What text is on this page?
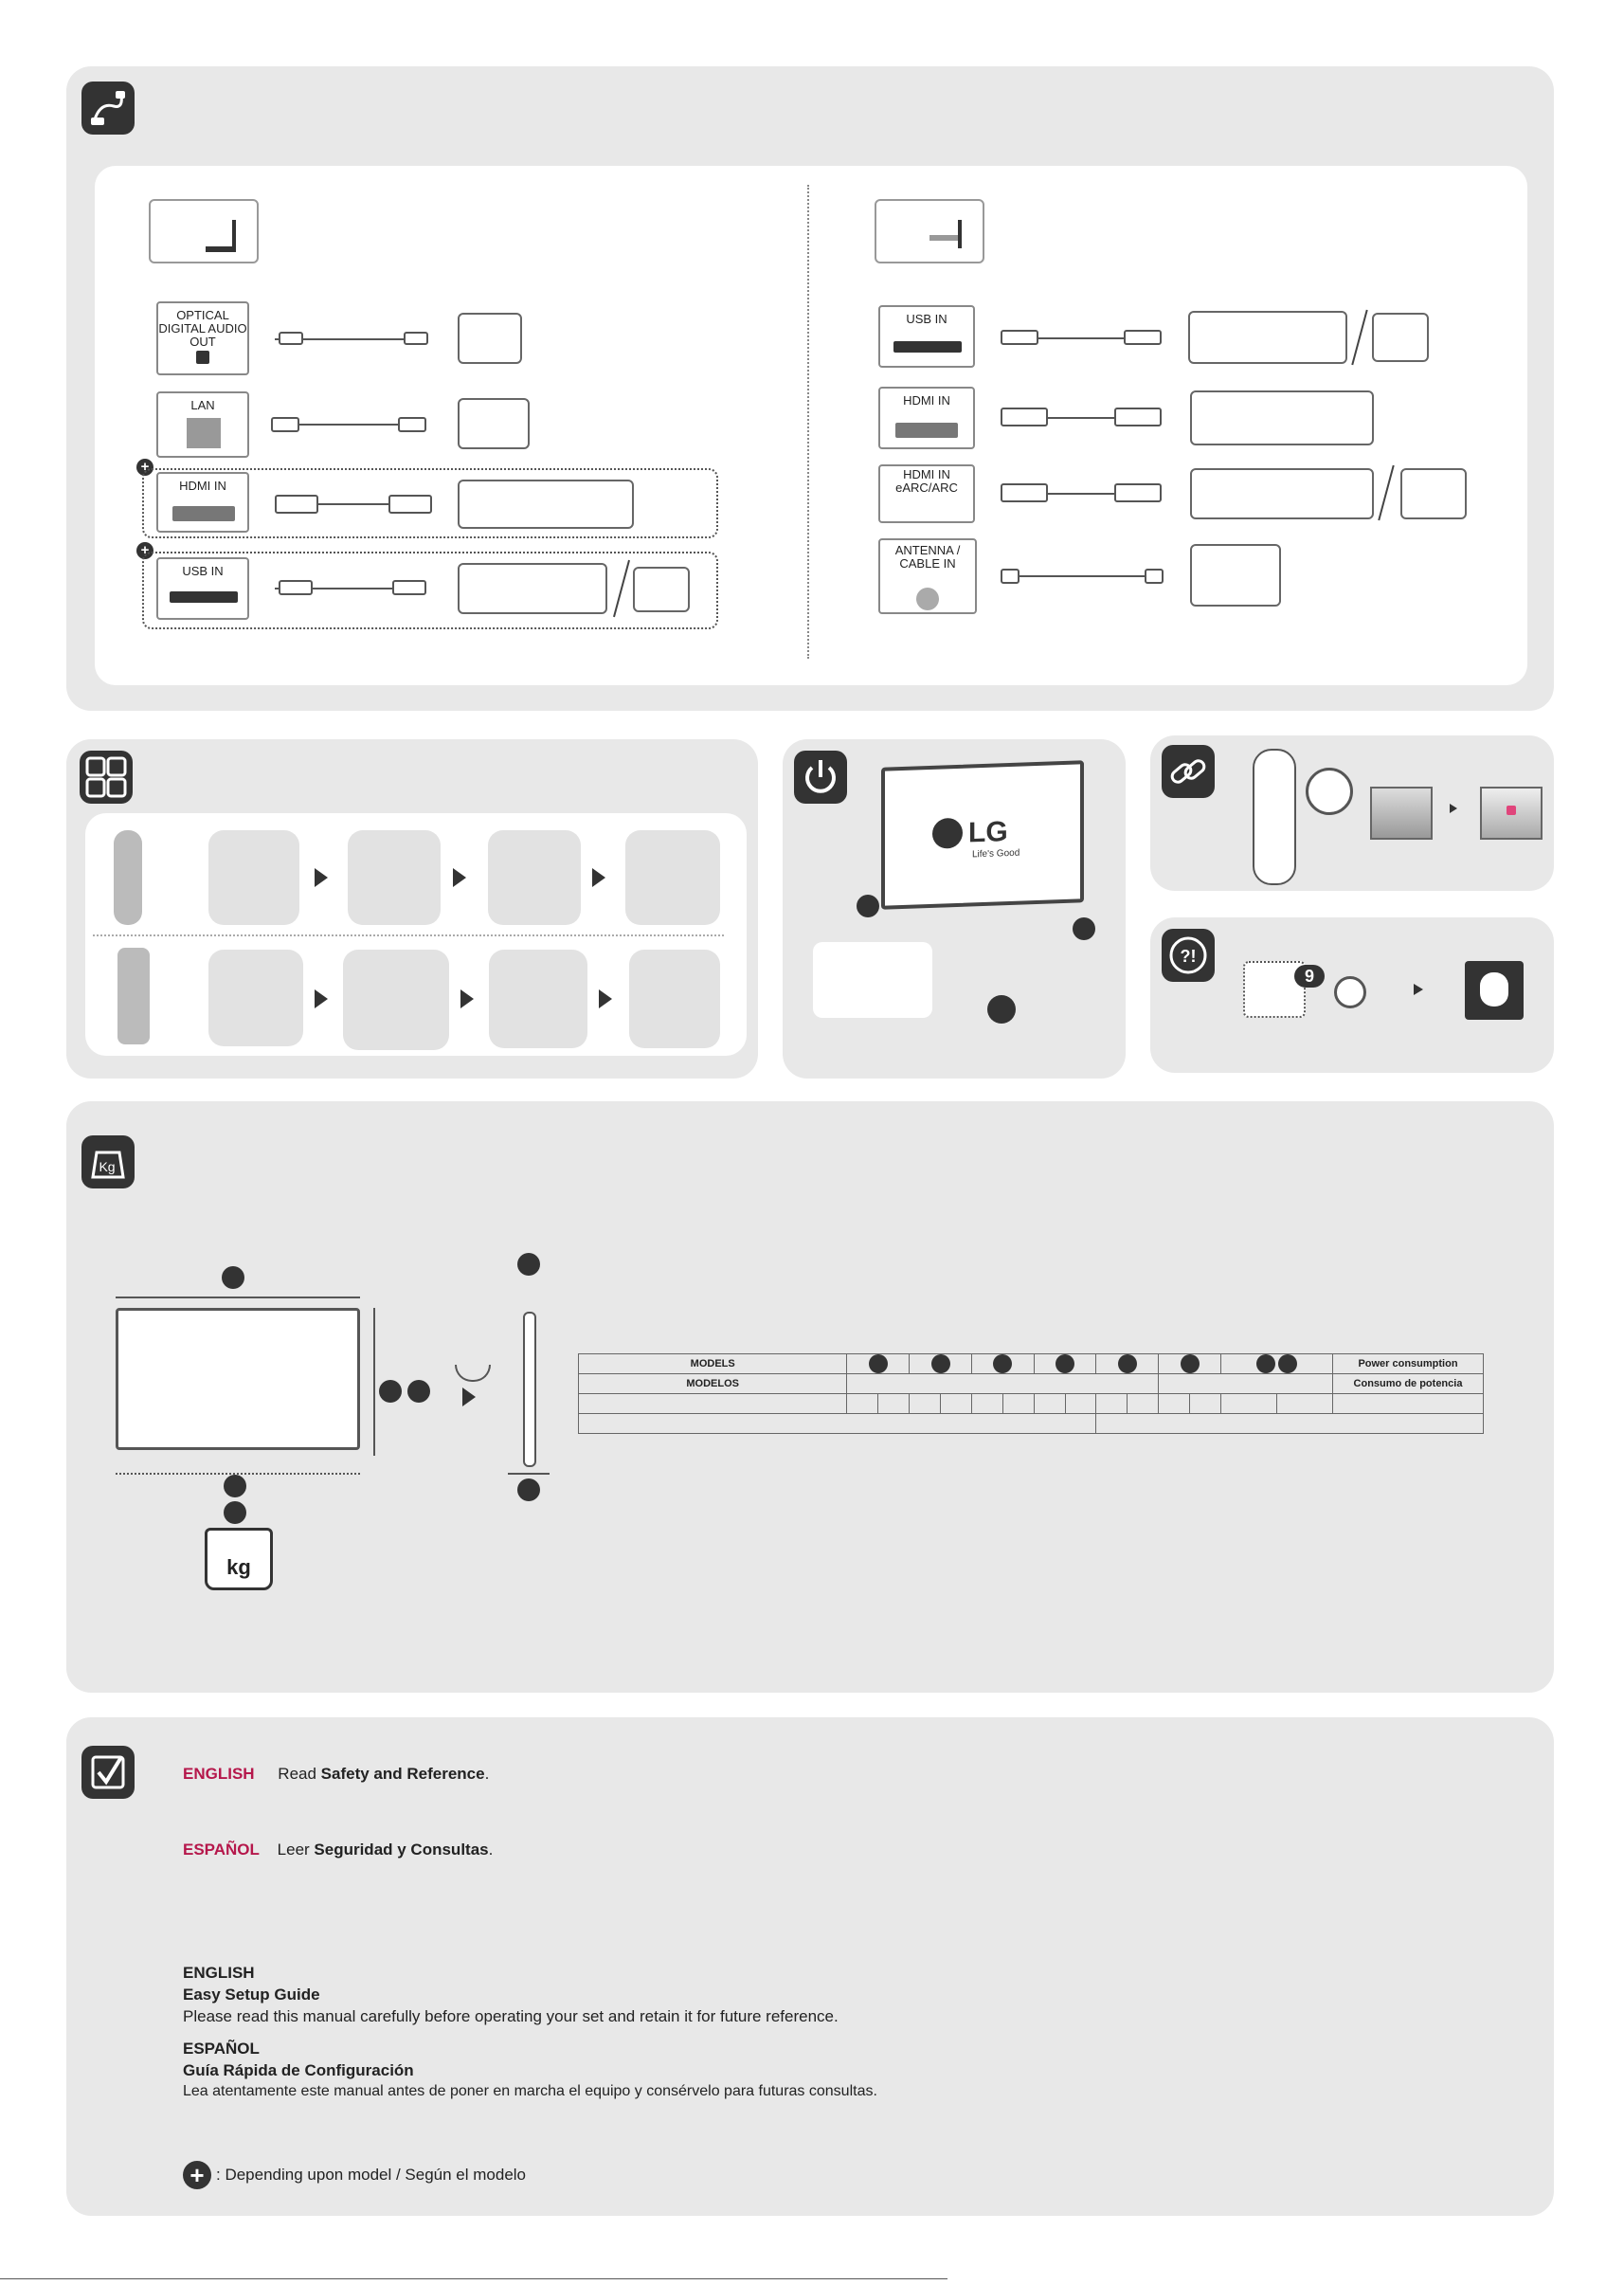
OPTICAL DIGITAL AUDIO OUT
LAN
+
HDMI IN
+
USB IN
USB IN
HDMI IN
HDMI IN eARC/ARC
ANTENNA / CABLE IN
LG
Life's Good
?!
9
Kg
kg
MODELS															Power consumption
MODELOS															Consumo de potencia

ENGLISH Read Safety and Reference.
ESPAÑOL Leer Seguridad y Consultas.
ENGLISH
Easy Setup Guide
Please read this manual carefully before operating your set and retain it for future reference.
ESPAÑOL
Guía Rápida de Configuración
Lea atentamente este manual antes de poner en marcha el equipo y consérvelo para futuras consultas.
+ : Depending upon model / Según el modelo
